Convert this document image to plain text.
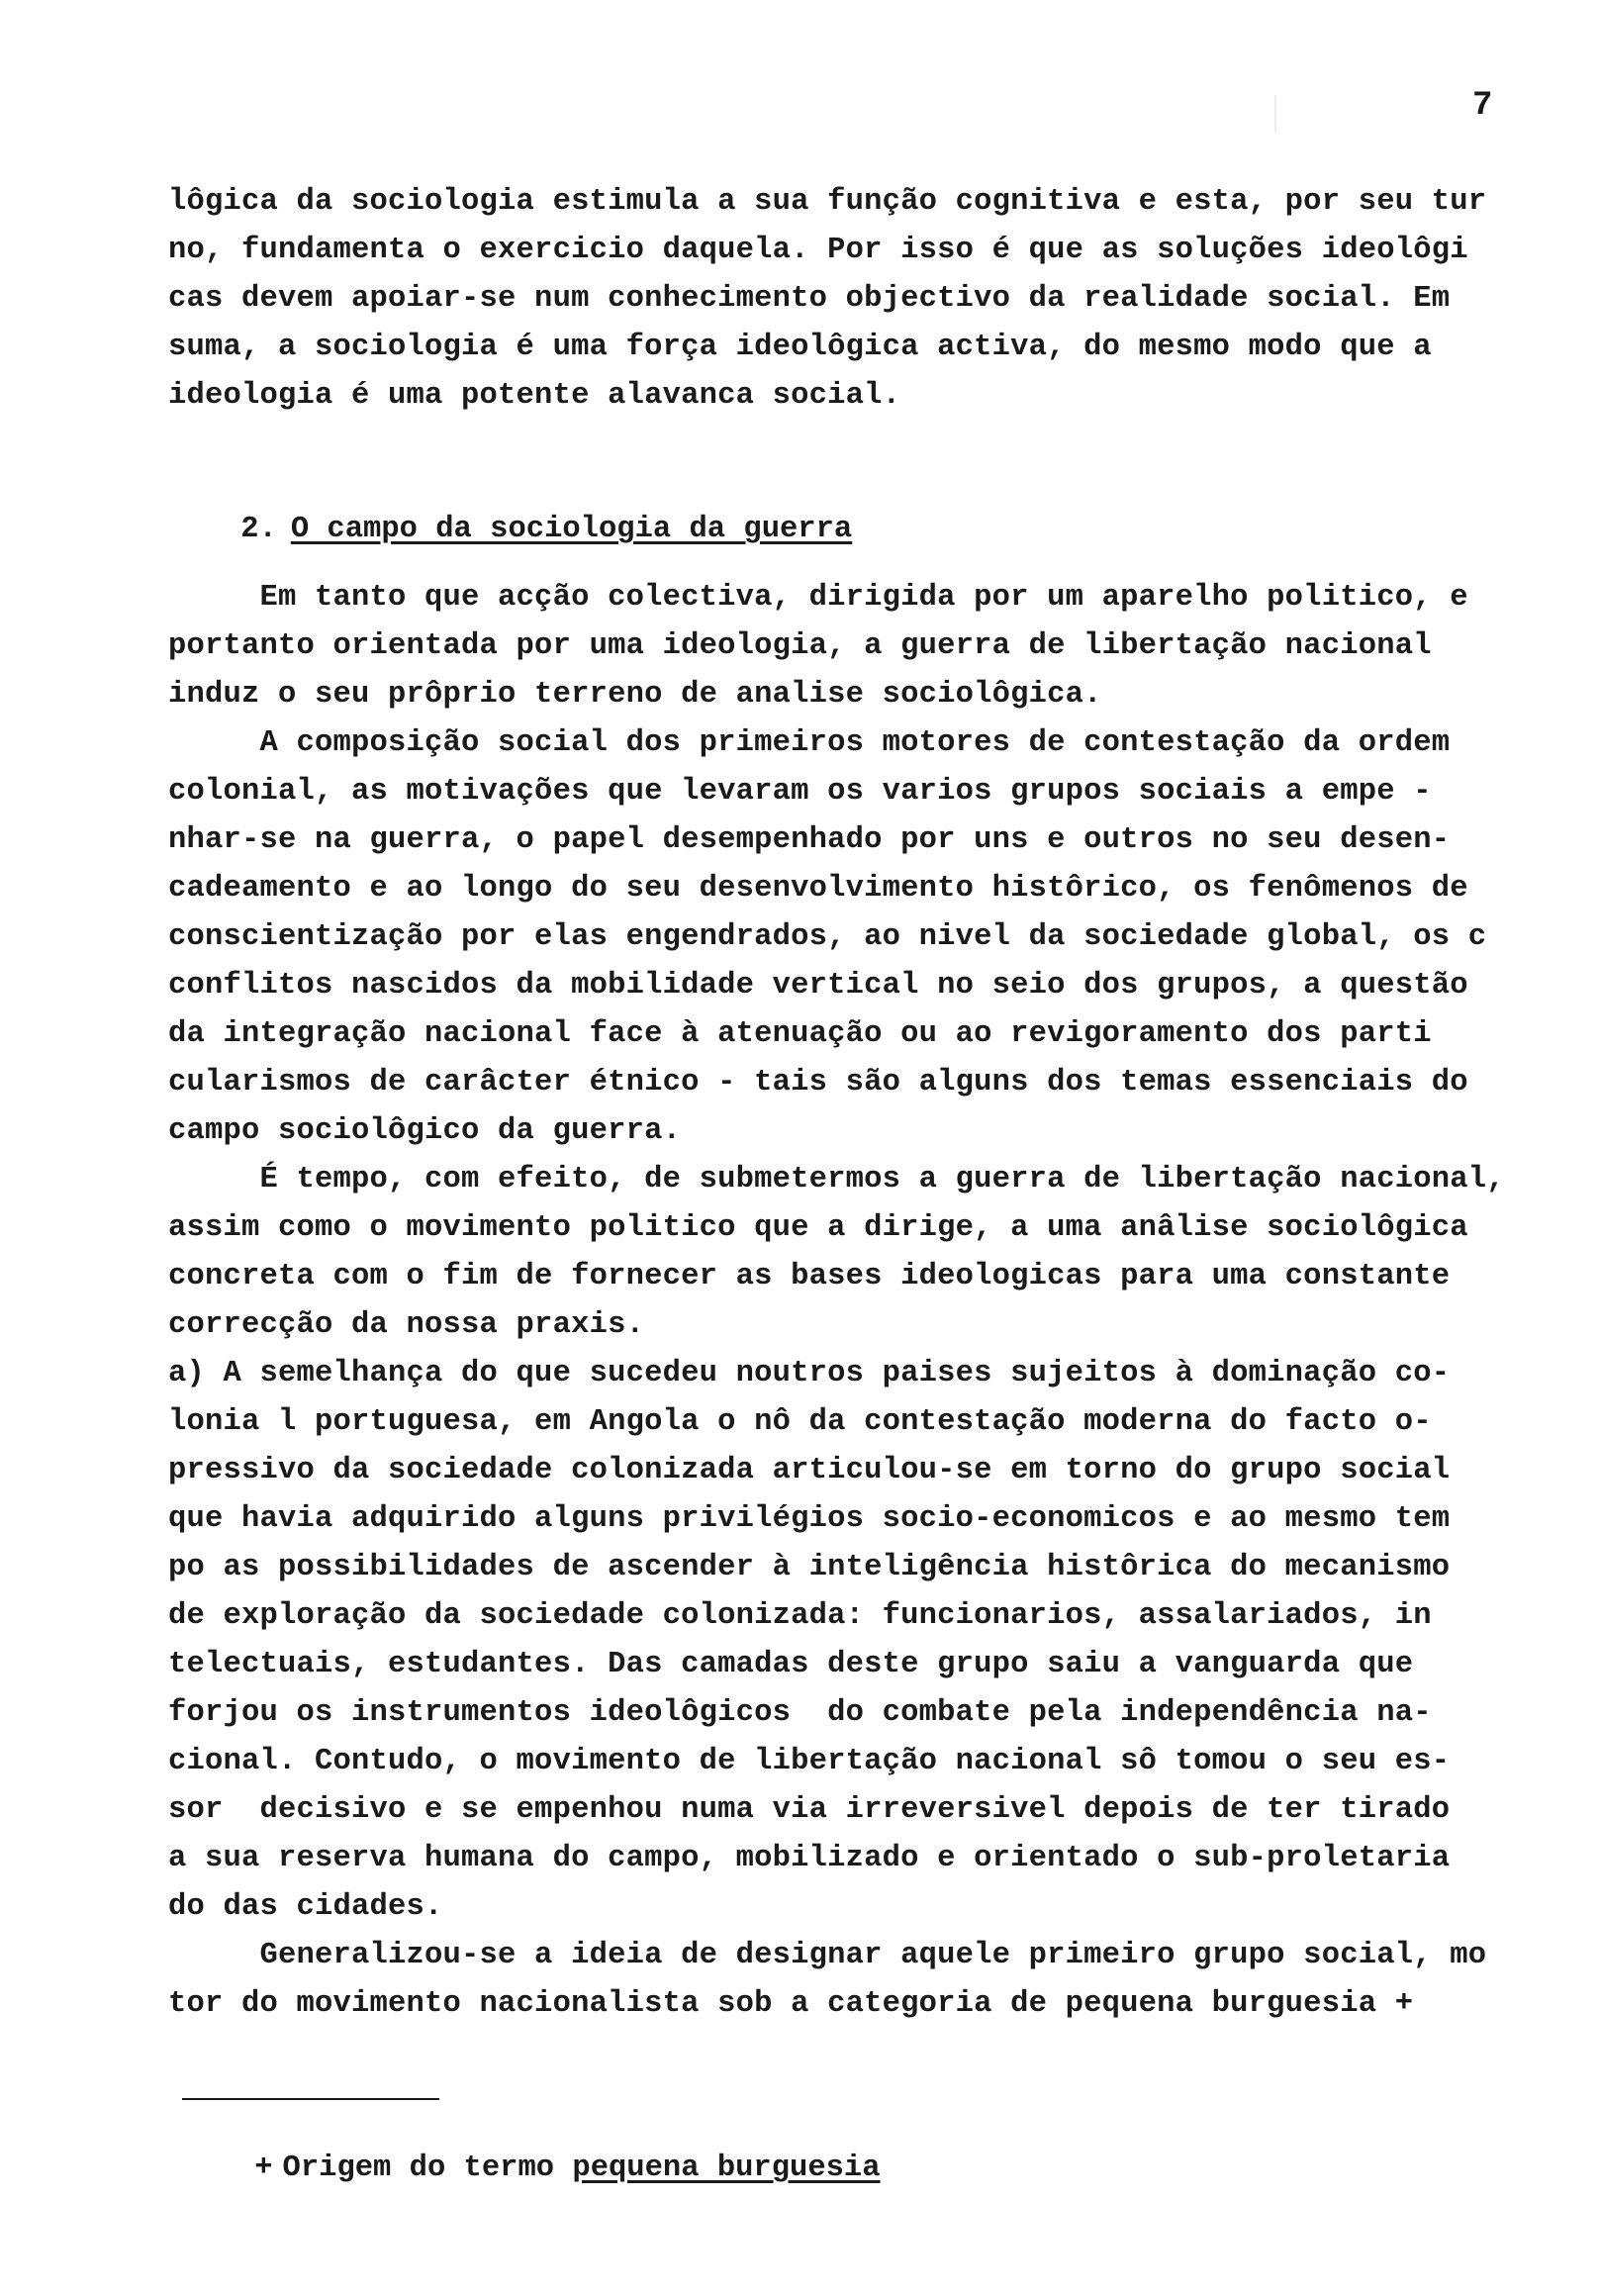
7
lôgica da sociologia estimula a sua função cognitiva e esta, por seu tur
no, fundamenta o exercicio daquela. Por isso é que as soluções ideolôgi
cas devem apoiar-se num conhecimento objectivo da realidade social. Em
suma, a sociologia é uma força ideolôgica activa, do mesmo modo que a
ideologia é uma potente alavanca social.

2. O campo da sociologia da guerra

Em tanto que acção colectiva, dirigida por um aparelho politico, e
portanto orientada por uma ideologia, a guerra de libertação nacional
induz o seu prôprio terreno de analise sociolôgica.
A composição social dos primeiros motores de contestação da ordem
colonial, as motivações que levaram os varios grupos sociais a empe -
nhar-se na guerra, o papel desempenhado por uns e outros no seu desen-
cadeamento e ao longo do seu desenvolvimento histôrico, os fenômenos de
conscientização por elas engendrados, ao nivel da sociedade global, os c
conflitos nascidos da mobilidade vertical no seio dos grupos, a questão
da integração nacional face à atenuação ou ao revigoramento dos parti
cularismos de carâcter étnico - tais são alguns dos temas essenciais do
campo sociolôgico da guerra.
É tempo, com efeito, de submetermos a guerra de libertação nacional,
assim como o movimento politico que a dirige, a uma anâlise sociolôgica
concreta com o fim de fornecer as bases ideologicas para uma constante
correcção da nossa praxis.
a) A semelhança do que sucedeu noutros paises sujeitos à dominação co-
lonia l portuguesa, em Angola o nô da contestação moderna do facto o-
pressivo da sociedade colonizada articulou-se em torno do grupo social
que havia adquirido alguns privilégios socio-economicos e ao mesmo tem
po as possibilidades de ascender à inteligência histôrica do mecanismo
de exploração da sociedade colonizada: funcionarios, assalariados, in
telectuais, estudantes. Das camadas deste grupo saiu a vanguarda que
forjou os instrumentos ideolôgicos  do combate pela independência na-
cional. Contudo, o movimento de libertação nacional sô tomou o seu es-
sor  decisivo e se empenhou numa via irreversivel depois de ter tirado
a sua reserva humana do campo, mobilizado e orientado o sub-proletaria
do das cidades.
Generalizou-se a ideia de designar aquele primeiro grupo social, mo
tor do movimento nacionalista sob a categoria de pequena burguesia +

+ Origem do termo pequena burguesia
